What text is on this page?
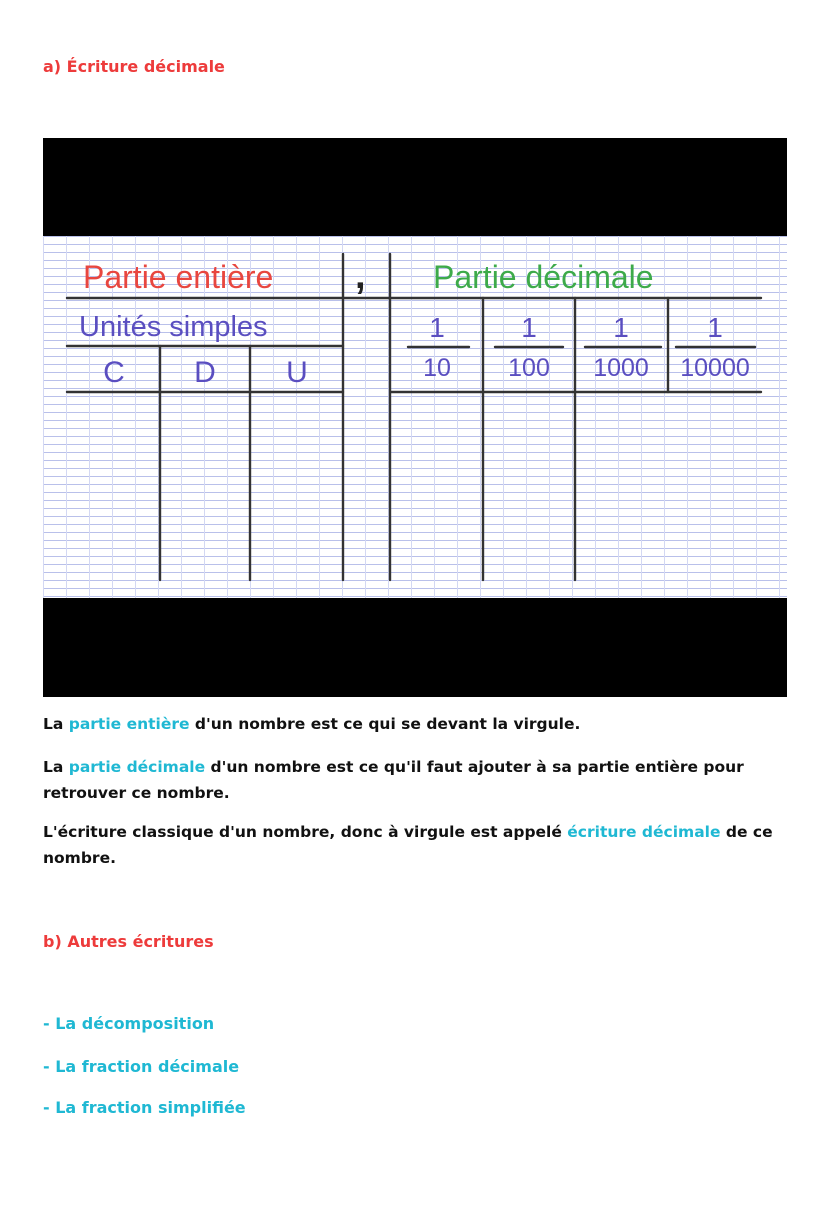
a) Écriture décimale
Partie entière , Partie décimale
Unités simples
C D U
1
10
1
100
1
1000
1
10000
La partie entière d'un nombre est ce qui se devant la virgule.
La partie décimale d'un nombre est ce qu'il faut ajouter à sa partie entière pour retrouver ce nombre.
L'écriture classique d'un nombre, donc à virgule est appelé écriture décimale de ce nombre.
b) Autres écritures
- La décomposition
- La fraction décimale
- La fraction simplifiée
